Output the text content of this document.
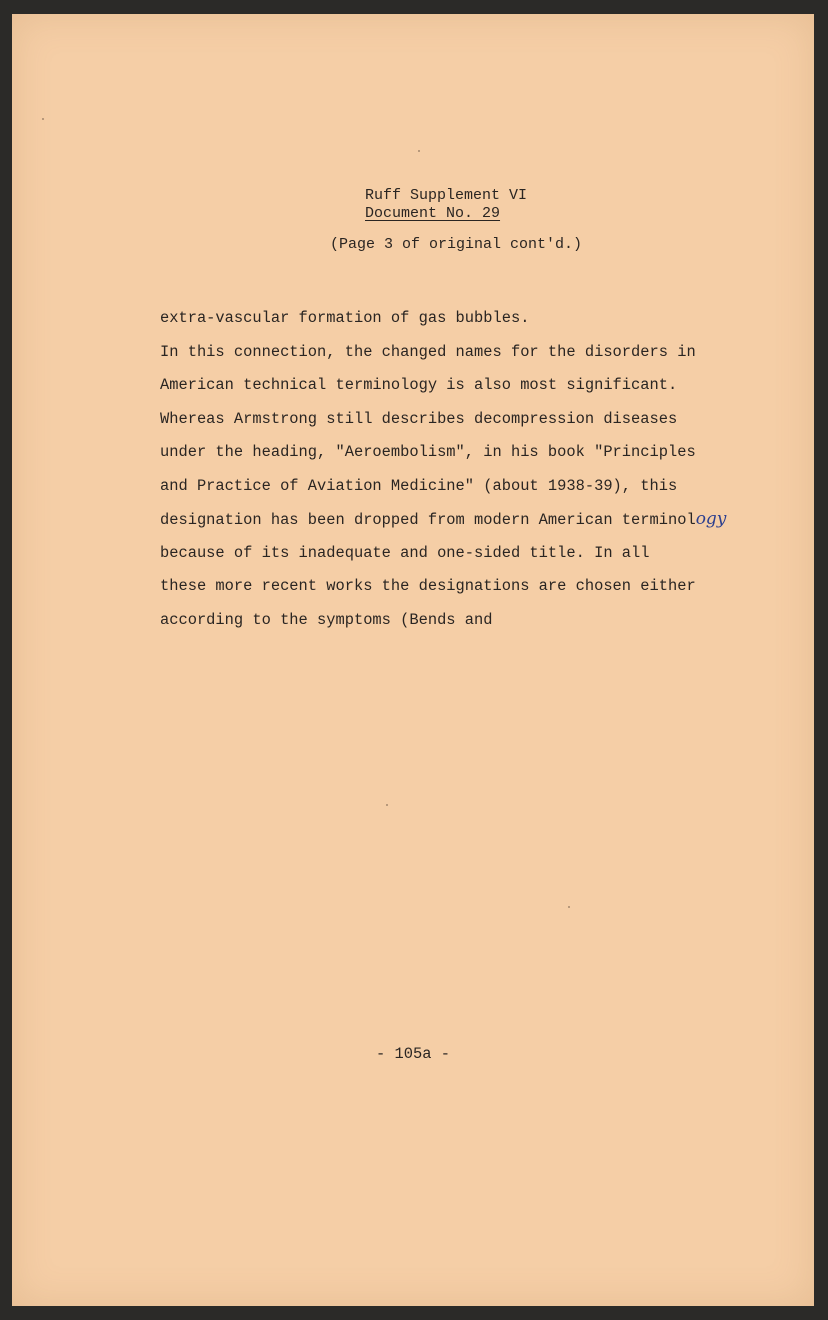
Ruff Supplement VI
Document No. 29
(Page 3 of original cont'd.)
extra-vascular formation of gas bubbles.
In this connection, the changed names for the disorders in
American technical terminology is also most significant.
Whereas Armstrong still describes decompression diseases
under the heading, "Aeroembolism", in his book "Principles
and Practice of Aviation Medicine" (about 1938-39), this
designation has been dropped from modern American terminology
because of its inadequate and one-sided title. In all
these more recent works the designations are chosen either
according to the symptoms (Bends and
- 105a -
